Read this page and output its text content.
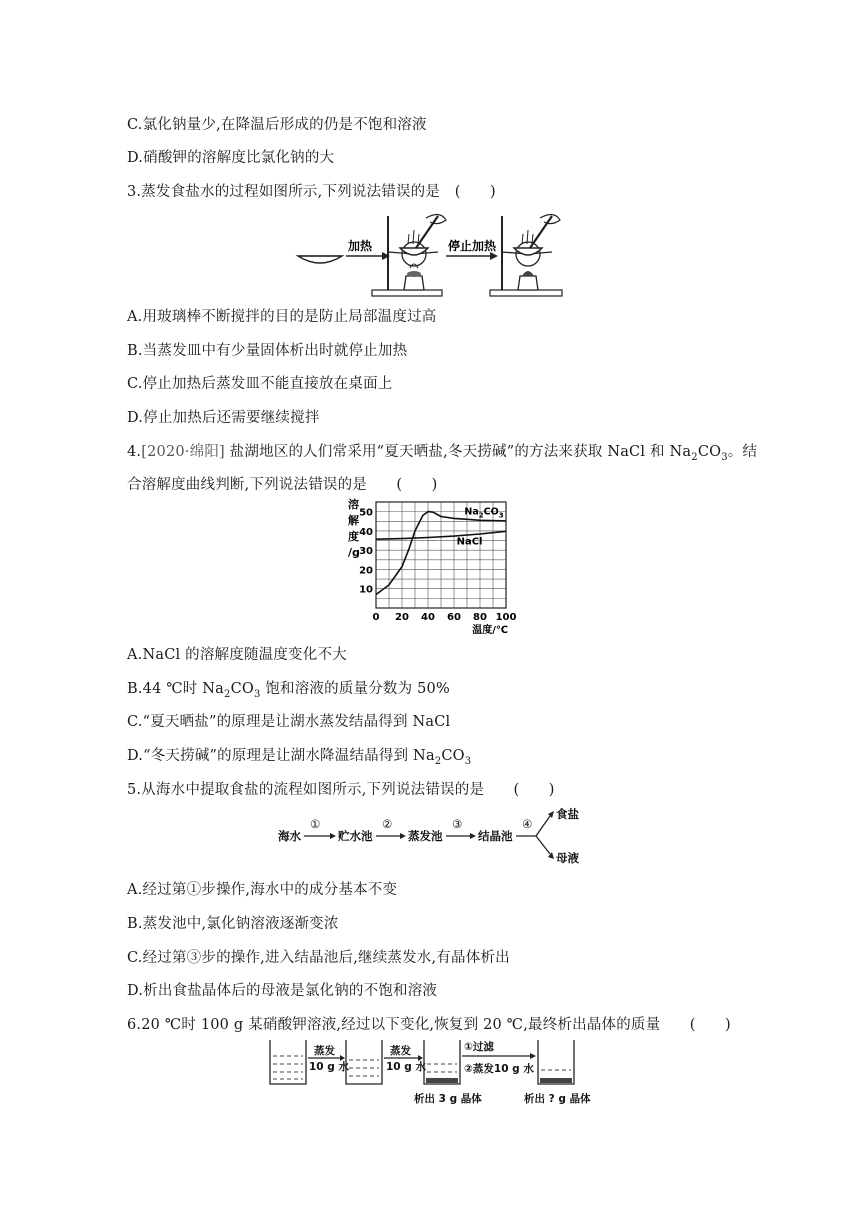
C.氯化钠量少,在降温后形成的仍是不饱和溶液
D.硝酸钾的溶解度比氯化钠的大
3.蒸发食盐水的过程如图所示,下列说法错误的是　(　　)
加热	停止加热
A.用玻璃棒不断搅拌的目的是防止局部温度过高
B.当蒸发皿中有少量固体析出时就停止加热
C.停止加热后蒸发皿不能直接放在桌面上
D.停止加热后还需要继续搅拌
4.[2020·绵阳] 盐湖地区的人们常采用“夏天晒盐,冬天捞碱”的方法来获取 NaCl 和 $Na_2CO_3$。结
合溶解度曲线判断,下列说法错误的是　　(　　)
0 20 40 60 80 100
10
20
30
40
50
溶
解
度
/g
温度/℃
NaCl
$Na_2CO_3$
A.NaCl 的溶解度随温度变化不大
B.44 ℃时 $Na_2CO_3$ 饱和溶液的质量分数为 50%
C.“夏天晒盐”的原理是让湖水蒸发结晶得到 NaCl
D.“冬天捞碱”的原理是让湖水降温结晶得到 $Na_2CO_3$
5.从海水中提取食盐的流程如图所示,下列说法错误的是　　(　　)
海水
①
贮水池
②
蒸发池
③
结晶池
④
食盐
母液
A.经过第①步操作,海水中的成分基本不变
B.蒸发池中,氯化钠溶液逐渐变浓
C.经过第③步的操作,进入结晶池后,继续蒸发水,有晶体析出
D.析出食盐晶体后的母液是氯化钠的不饱和溶液
6.20 ℃时 100 g 某硝酸钾溶液,经过以下变化,恢复到 20 ℃,最终析出晶体的质量　　(　　)
蒸发
10 g 水
蒸发
10 g 水
①过滤
②蒸发10 g 水
析出 3 g 晶体	析出 ? g 晶体
